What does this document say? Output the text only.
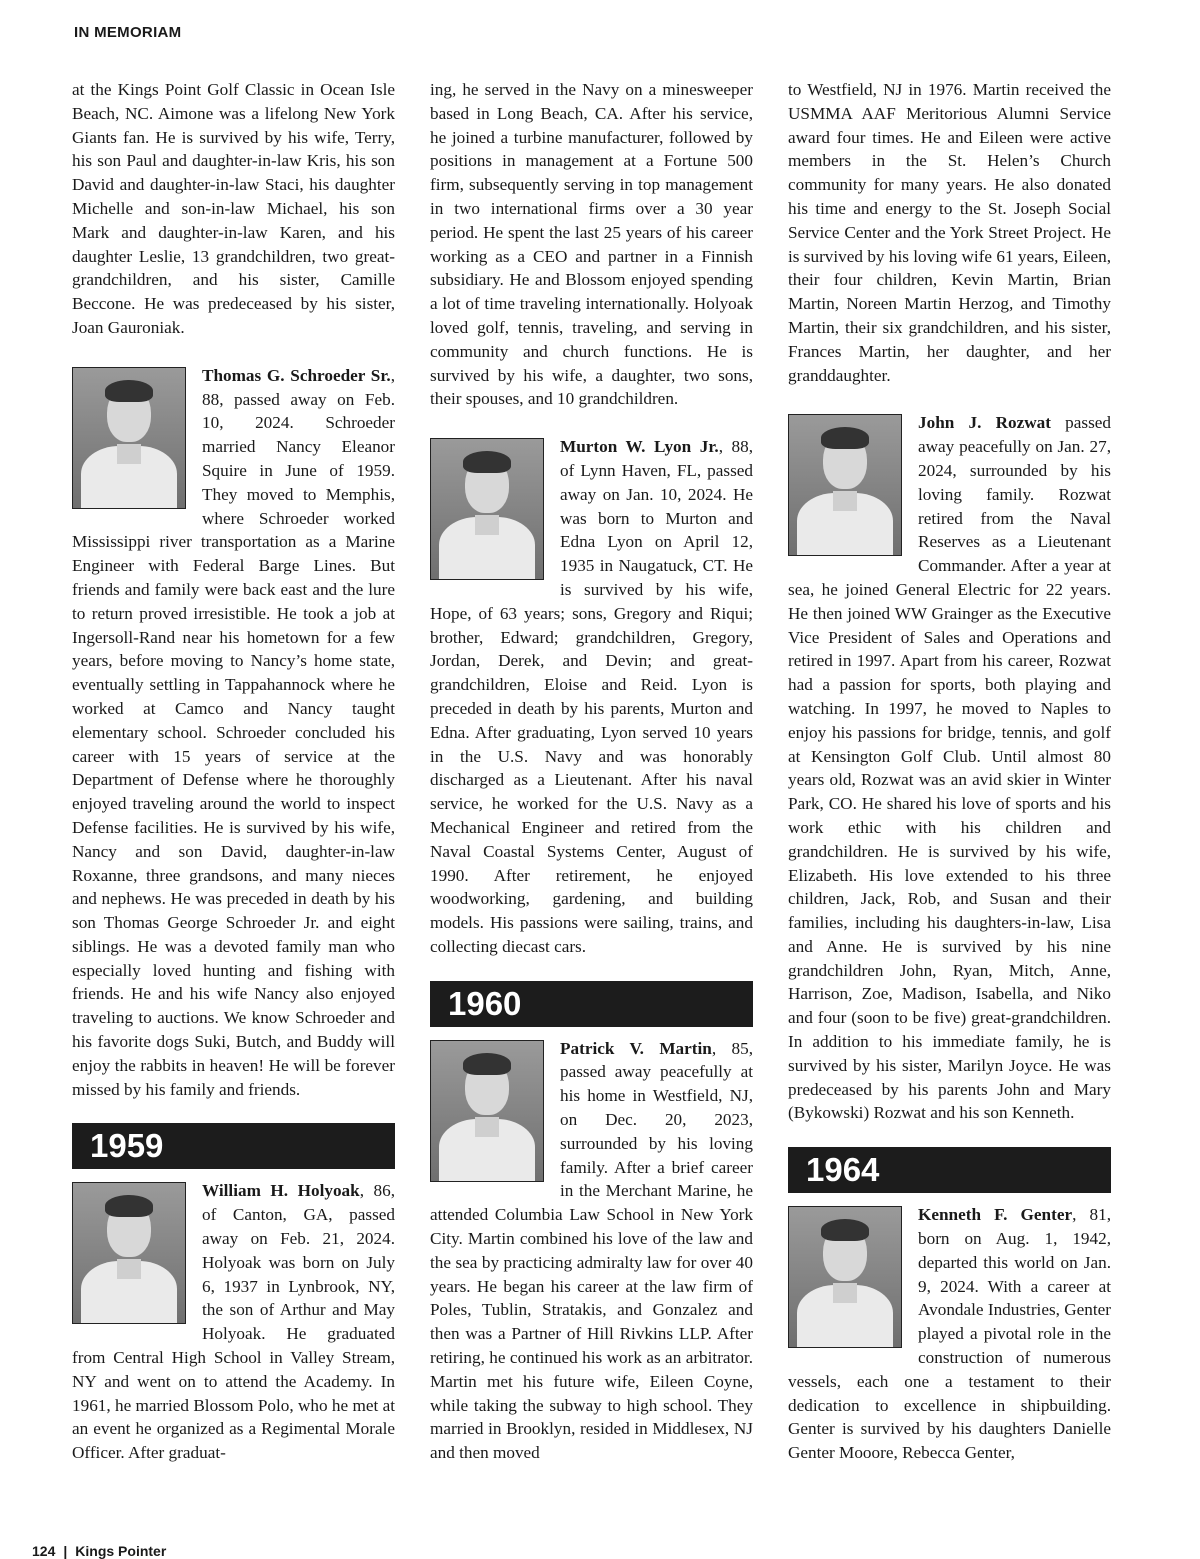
IN MEMORIAM

at the Kings Point Golf Classic in Ocean Isle Beach, NC. Aimone was a lifelong New York Giants fan. He is survived by his wife, Terry, his son Paul and daughter-in-law Kris, his son David and daughter-in-law Staci, his daughter Michelle and son-in-law Michael, his son Mark and daughter-in-law Karen, and his daughter Leslie, 13 grandchildren, two great-grandchildren, and his sister, Camille Beccone. He was predeceased by his sister, Joan Gauroniak.

Thomas G. Schroeder Sr., 88, passed away on Feb. 10, 2024. Schroeder married Nancy Eleanor Squire in June of 1959. They moved to Memphis, where Schroeder worked Mississippi river transportation as a Marine Engineer with Federal Barge Lines. But friends and family were back east and the lure to return proved irresistible. He took a job at Ingersoll-Rand near his hometown for a few years, before moving to Nancy’s home state, eventually settling in Tappahannock where he worked at Camco and Nancy taught elementary school. Schroeder concluded his career with 15 years of service at the Department of Defense where he thoroughly enjoyed traveling around the world to inspect Defense facilities. He is survived by his wife, Nancy and son David, daughter-in-law Roxanne, three grandsons, and many nieces and nephews. He was preceded in death by his son Thomas George Schroeder Jr. and eight siblings. He was a devoted family man who especially loved hunting and fishing with friends. He and his wife Nancy also enjoyed traveling to auctions. We know Schroeder and his favorite dogs Suki, Butch, and Buddy will enjoy the rabbits in heaven! He will be forever missed by his family and friends.

1959

William H. Holyoak, 86, of Canton, GA, passed away on Feb. 21, 2024. Holyoak was born on July 6, 1937 in Lynbrook, NY, the son of Arthur and May Holyoak. He graduated from Central High School in Valley Stream, NY and went on to attend the Academy. In 1961, he married Blossom Polo, who he met at an event he organized as a Regimental Morale Officer. After graduat-

ing, he served in the Navy on a minesweeper based in Long Beach, CA. After his service, he joined a turbine manufacturer, followed by positions in management at a Fortune 500 firm, subsequently serving in top management in two international firms over a 30 year period. He spent the last 25 years of his career working as a CEO and partner in a Finnish subsidiary. He and Blossom enjoyed spending a lot of time traveling internationally. Holyoak loved golf, tennis, traveling, and serving in community and church functions. He is survived by his wife, a daughter, two sons, their spouses, and 10 grandchildren.

Murton W. Lyon Jr., 88, of Lynn Haven, FL, passed away on Jan. 10, 2024. He was born to Murton and Edna Lyon on April 12, 1935 in Naugatuck, CT. He is survived by his wife, Hope, of 63 years; sons, Gregory and Riqui; brother, Edward; grandchildren, Gregory, Jordan, Derek, and Devin; and great-grandchildren, Eloise and Reid. Lyon is preceded in death by his parents, Murton and Edna. After graduating, Lyon served 10 years in the U.S. Navy and was honorably discharged as a Lieutenant. After his naval service, he worked for the U.S. Navy as a Mechanical Engineer and retired from the Naval Coastal Systems Center, August of 1990. After retirement, he enjoyed woodworking, gardening, and building models. His passions were sailing, trains, and collecting diecast cars.

1960

Patrick V. Martin, 85, passed away peacefully at his home in Westfield, NJ, on Dec. 20, 2023, surrounded by his loving family. After a brief career in the Merchant Marine, he attended Columbia Law School in New York City. Martin combined his love of the law and the sea by practicing admiralty law for over 40 years. He began his career at the law firm of Poles, Tublin, Stratakis, and Gonzalez and then was a Partner of Hill Rivkins LLP. After retiring, he continued his work as an arbitrator. Martin met his future wife, Eileen Coyne, while taking the subway to high school. They married in Brooklyn, resided in Middlesex, NJ and then moved

to Westfield, NJ in 1976. Martin received the USMMA AAF Meritorious Alumni Service award four times. He and Eileen were active members in the St. Helen’s Church community for many years. He also donated his time and energy to the St. Joseph Social Service Center and the York Street Project. He is survived by his loving wife 61 years, Eileen, their four children, Kevin Martin, Brian Martin, Noreen Martin Herzog, and Timothy Martin, their six grandchildren, and his sister, Frances Martin, her daughter, and her granddaughter.

John J. Rozwat passed away peacefully on Jan. 27, 2024, surrounded by his loving family. Rozwat retired from the Naval Reserves as a Lieutenant Commander. After a year at sea, he joined General Electric for 22 years. He then joined WW Grainger as the Executive Vice President of Sales and Operations and retired in 1997. Apart from his career, Rozwat had a passion for sports, both playing and watching. In 1997, he moved to Naples to enjoy his passions for bridge, tennis, and golf at Kensington Golf Club. Until almost 80 years old, Rozwat was an avid skier in Winter Park, CO. He shared his love of sports and his work ethic with his children and grandchildren. He is survived by his wife, Elizabeth. His love extended to his three children, Jack, Rob, and Susan and their families, including his daughters-in-law, Lisa and Anne. He is survived by his nine grandchildren John, Ryan, Mitch, Anne, Harrison, Zoe, Madison, Isabella, and Niko and four (soon to be five) great-grandchildren. In addition to his immediate family, he is survived by his sister, Marilyn Joyce. He was predeceased by his parents John and Mary (Bykowski) Rozwat and his son Kenneth.

1964

Kenneth F. Genter, 81, born on Aug. 1, 1942, departed this world on Jan. 9, 2024. With a career at Avondale Industries, Genter played a pivotal role in the construction of numerous vessels, each one a testament to their dedication to excellence in shipbuilding. Genter is survived by his daughters Danielle Genter Mooore, Rebecca Genter,

124 | Kings Pointer
